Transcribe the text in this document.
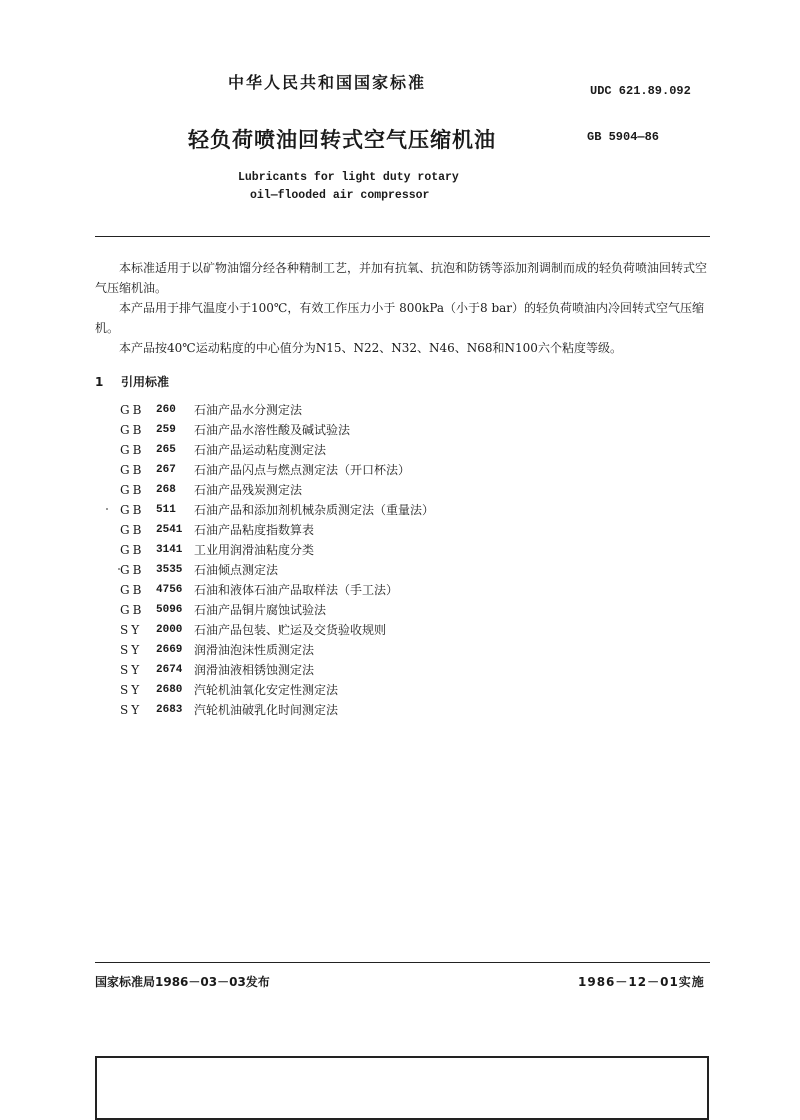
中华人民共和国国家标准	UDC 621.89.092
轻负荷喷油回转式空气压缩机油	GB 5904—86
Lubricants for light duty rotary
oil—flooded air compressor

本标准适用于以矿物油馏分经各种精制工艺，并加有抗氧、抗泡和防锈等添加剂调制而成的轻负荷喷油回转式空气压缩机油。

本产品用于排气温度小于100℃，有效工作压力小于 800kPa（小于8 bar）的轻负荷喷油内冷回转式空气压缩机。

本产品按40℃运动粘度的中心值分为N15、N22、N32、N46、N68和N100六个粘度等级。

1 引用标准
GB	260	石油产品水分测定法
GB	259	石油产品水溶性酸及碱试验法
GB	265	石油产品运动粘度测定法
GB	267	石油产品闪点与燃点测定法（开口杯法）
GB	268	石油产品残炭测定法
GB	511	石油产品和添加剂机械杂质测定法（重量法）
GB	2541 石油产品粘度指数算表
GB	3141 工业用润滑油粘度分类
GB	3535 石油倾点测定法
GB	4756 石油和液体石油产品取样法（手工法）
GB	5096 石油产品铜片腐蚀试验法
SY	2000 石油产品包装、贮运及交货验收规则
SY	2669 润滑油泡沫性质测定法
SY	2674 润滑油液相锈蚀测定法
SY	2680 汽轮机油氧化安定性测定法
SY	2683 汽轮机油破乳化时间测定法
国家标准局1986－03－03发布	1986－12－01实施
